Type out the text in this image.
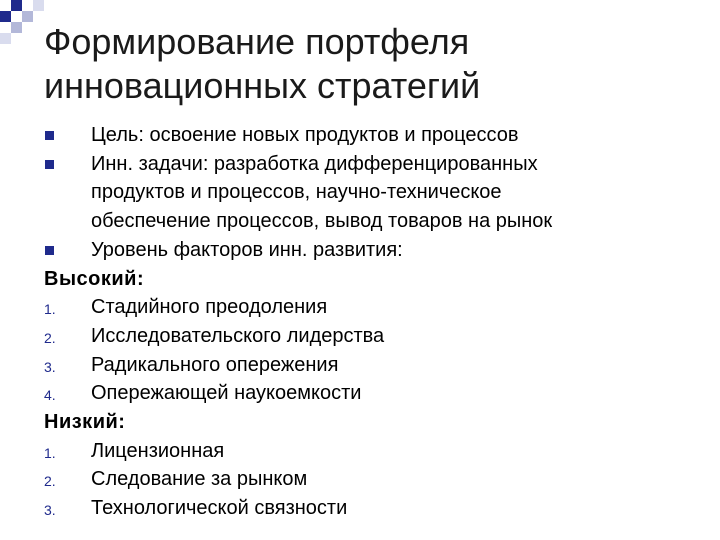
Формирование портфеля
инновационных стратегий
Цель: освоение новых продуктов и процессов
Инн. задачи: разработка дифференцированных
продуктов и процессов, научно-техническое
обеспечение процессов, вывод товаров на рынок
Уровень факторов инн. развития:
Высокий:
1. Стадийного преодоления
2. Исследовательского лидерства
3. Радикального опережения
4. Опережающей наукоемкости
Низкий:
1. Лицензионная
2. Следование за рынком
3. Технологической связности
